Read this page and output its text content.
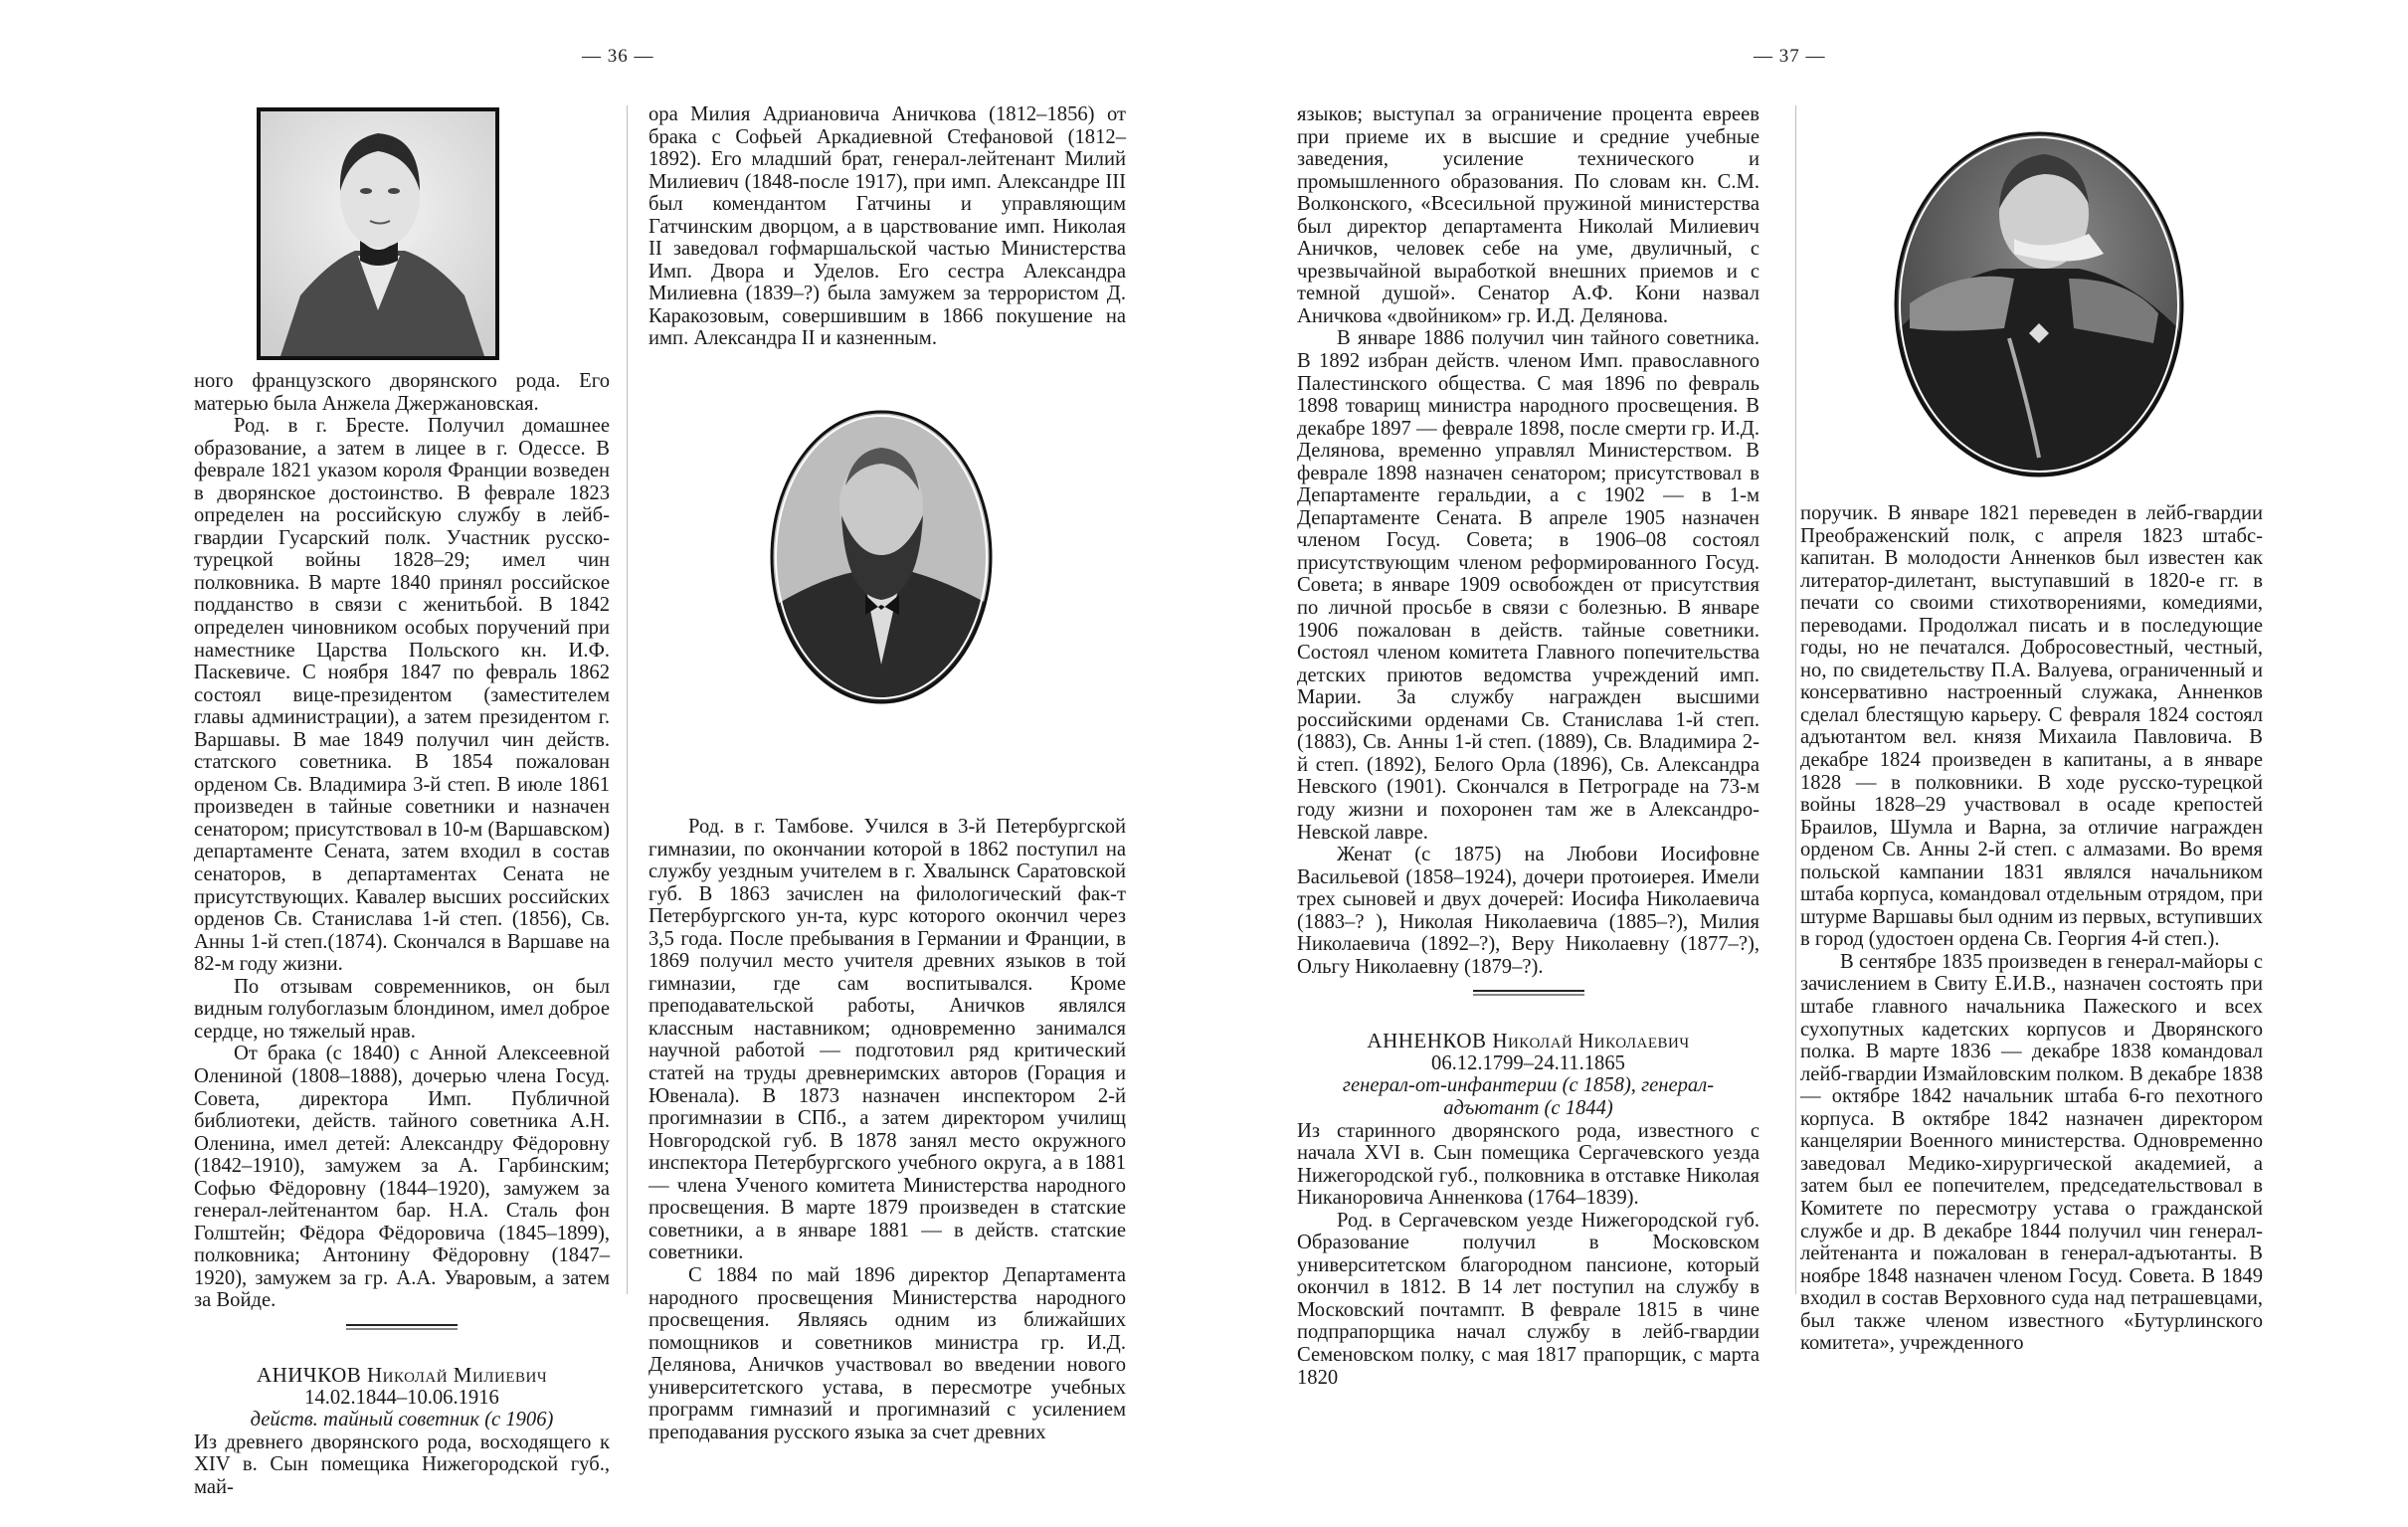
— 36 —	— 37 —

ного французского дворянского рода. Его матерью была Анжела Джержановская.

Род. в г. Бресте. Получил домашнее образование, а затем в лицее в г. Одессе. В феврале 1821 указом короля Франции возведен в дворянское достоинство. В феврале 1823 определен на российскую службу в лейб-гвардии Гусарский полк. Участник русско-турецкой войны 1828–29; имел чин полковника. В марте 1840 принял российское подданство в связи с женитьбой. В 1842 определен чиновником особых поручений при наместнике Царства Польского кн. И.Ф. Паскевиче. С ноября 1847 по февраль 1862 состоял вице-президентом (заместителем главы администрации), а затем президентом г. Варшавы. В мае 1849 получил чин действ. статского советника. В 1854 пожалован орденом Св. Владимира 3-й степ. В июле 1861 произведен в тайные советники и назначен сенатором; присутствовал в 10-м (Варшавском) департаменте Сената, затем входил в состав сенаторов, в департаментах Сената не присутствующих. Кавалер высших российских орденов Св. Станислава 1-й степ. (1856), Св. Анны 1-й степ.(1874). Скончался в Варшаве на 82-м году жизни.

По отзывам современников, он был видным голубоглазым блондином, имел доброе сердце, но тяжелый нрав.

От брака (с 1840) с Анной Алексеевной Олениной (1808–1888), дочерью члена Госуд. Совета, директора Имп. Публичной библиотеки, действ. тайного советника А.Н. Оленина, имел детей: Александру Фёдоровну (1842–1910), замужем за А. Гарбинским; Софью Фёдоровну (1844–1920), замужем за генерал-лейтенантом бар. Н.А. Сталь фон Голштейн; Фёдора Фёдоровича (1845–1899), полковника; Антонину Фёдоровну (1847–1920), замужем за гр. А.А. Уваровым, а затем за Войде.

АНИЧКОВ Николай Милиевич
14.02.1844–10.06.1916
действ. тайный советник (с 1906)

Из древнего дворянского рода, восходящего к XIV в. Сын помещика Нижегородской губ., май-

ора Милия Адриановича Аничкова (1812–1856) от брака с Софьей Аркадиевной Стефановой (1812–1892). Его младший брат, генерал-лейтенант Милий Милиевич (1848-после 1917), при имп. Александре III был комендантом Гатчины и управляющим Гатчинским дворцом, а в царствование имп. Николая II заведовал гофмаршальской частью Министерства Имп. Двора и Уделов. Его сестра Александра Милиевна (1839–?) была замужем за террористом Д. Каракозовым, совершившим в 1866 покушение на имп. Александра II и казненным.

Род. в г. Тамбове. Учился в 3-й Петербургской гимназии, по окончании которой в 1862 поступил на службу уездным учителем в г. Хвалынск Саратовской губ. В 1863 зачислен на филологический фак-т Петербургского ун-та, курс которого окончил через 3,5 года. После пребывания в Германии и Франции, в 1869 получил место учителя древних языков в той гимназии, где сам воспитывался. Кроме преподавательской работы, Аничков являлся классным наставником; одновременно занимался научной работой — подготовил ряд критический статей на труды древнеримских авторов (Горация и Ювенала). В 1873 назначен инспектором 2-й прогимназии в СПб., а затем директором училищ Новгородской губ. В 1878 занял место окружного инспектора Петербургского учебного округа, а в 1881 — члена Ученого комитета Министерства народного просвещения. В марте 1879 произведен в статские советники, а в январе 1881 — в действ. статские советники.

С 1884 по май 1896 директор Департамента народного просвещения Министерства народного просвещения. Являясь одним из ближайших помощников и советников министра гр. И.Д. Делянова, Аничков участвовал во введении нового университетского устава, в пересмотре учебных программ гимназий и прогимназий с усилением преподавания русского языка за счет древних

языков; выступал за ограничение процента евреев при приеме их в высшие и средние учебные заведения, усиление технического и промышленного образования. По словам кн. С.М. Волконского, «Всесильной пружиной министерства был директор департамента Николай Милиевич Аничков, человек себе на уме, двуличный, с чрезвычайной выработкой внешних приемов и с темной душой». Сенатор А.Ф. Кони назвал Аничкова «двойником» гр. И.Д. Делянова.

В январе 1886 получил чин тайного советника. В 1892 избран действ. членом Имп. православного Палестинского общества. С мая 1896 по февраль 1898 товарищ министра народного просвещения. В декабре 1897 — феврале 1898, после смерти гр. И.Д. Делянова, временно управлял Министерством. В феврале 1898 назначен сенатором; присутствовал в Департаменте геральдии, а с 1902 — в 1-м Департаменте Сената. В апреле 1905 назначен членом Госуд. Совета; в 1906–08 состоял присутствующим членом реформированного Госуд. Совета; в январе 1909 освобожден от присутствия по личной просьбе в связи с болезнью. В январе 1906 пожалован в действ. тайные советники. Состоял членом комитета Главного попечительства детских приютов ведомства учреждений имп. Марии. За службу награжден высшими российскими орденами Св. Станислава 1-й степ. (1883), Св. Анны 1-й степ. (1889), Св. Владимира 2-й степ. (1892), Белого Орла (1896), Св. Александра Невского (1901). Скончался в Петрограде на 73-м году жизни и похоронен там же в Александро-Невской лавре.

Женат (с 1875) на Любови Иосифовне Васильевой (1858–1924), дочери протоиерея. Имели трех сыновей и двух дочерей: Иосифа Николаевича (1883–? ), Николая Николаевича (1885–?), Милия Николаевича (1892–?), Веру Николаевну (1877–?), Ольгу Николаевну (1879–?).

АННЕНКОВ Николай Николаевич
06.12.1799–24.11.1865
генерал-от-инфантерии (с 1858), генерал-адъютант (с 1844)

Из старинного дворянского рода, известного с начала XVI в. Сын помещика Сергачевского уезда Нижегородской губ., полковника в отставке Николая Никаноровича Анненкова (1764–1839).

Род. в Сергачевском уезде Нижегородской губ. Образование получил в Московском университетском благородном пансионе, который окончил в 1812. В 14 лет поступил на службу в Московский почтампт. В феврале 1815 в чине подпрапорщика начал службу в лейб-гвардии Семеновском полку, с мая 1817 прапорщик, с марта 1820

поручик. В январе 1821 переведен в лейб-гвардии Преображенский полк, с апреля 1823 штабс-капитан. В молодости Анненков был известен как литератор-дилетант, выступавший в 1820-е гг. в печати со своими стихотворениями, комедиями, переводами. Продолжал писать и в последующие годы, но не печатался. Добросовестный, честный, но, по свидетельству П.А. Валуева, ограниченный и консервативно настроенный служака, Анненков сделал блестящую карьеру. С февраля 1824 состоял адъютантом вел. князя Михаила Павловича. В декабре 1824 произведен в капитаны, а в январе 1828 — в полковники. В ходе русско-турецкой войны 1828–29 участвовал в осаде крепостей Браилов, Шумла и Варна, за отличие награжден орденом Св. Анны 2-й степ. с алмазами. Во время польской кампании 1831 являлся начальником штаба корпуса, командовал отдельным отрядом, при штурме Варшавы был одним из первых, вступивших в город (удостоен ордена Св. Георгия 4-й степ.).

В сентябре 1835 произведен в генерал-майоры с зачислением в Свиту Е.И.В., назначен состоять при штабе главного начальника Пажеского и всех сухопутных кадетских корпусов и Дворянского полка. В марте 1836 — декабре 1838 командовал лейб-гвардии Измайловским полком. В декабре 1838 — октябре 1842 начальник штаба 6-го пехотного корпуса. В октябре 1842 назначен директором канцелярии Военного министерства. Одновременно заведовал Медико-хирургической академией, а затем был ее попечителем, председательствовал в Комитете по пересмотру устава о гражданской службе и др. В декабре 1844 получил чин генерал-лейтенанта и пожалован в генерал-адъютанты. В ноябре 1848 назначен членом Госуд. Совета. В 1849 входил в состав Верховного суда над петрашевцами, был также членом известного «Бутурлинского комитета», учрежденного
